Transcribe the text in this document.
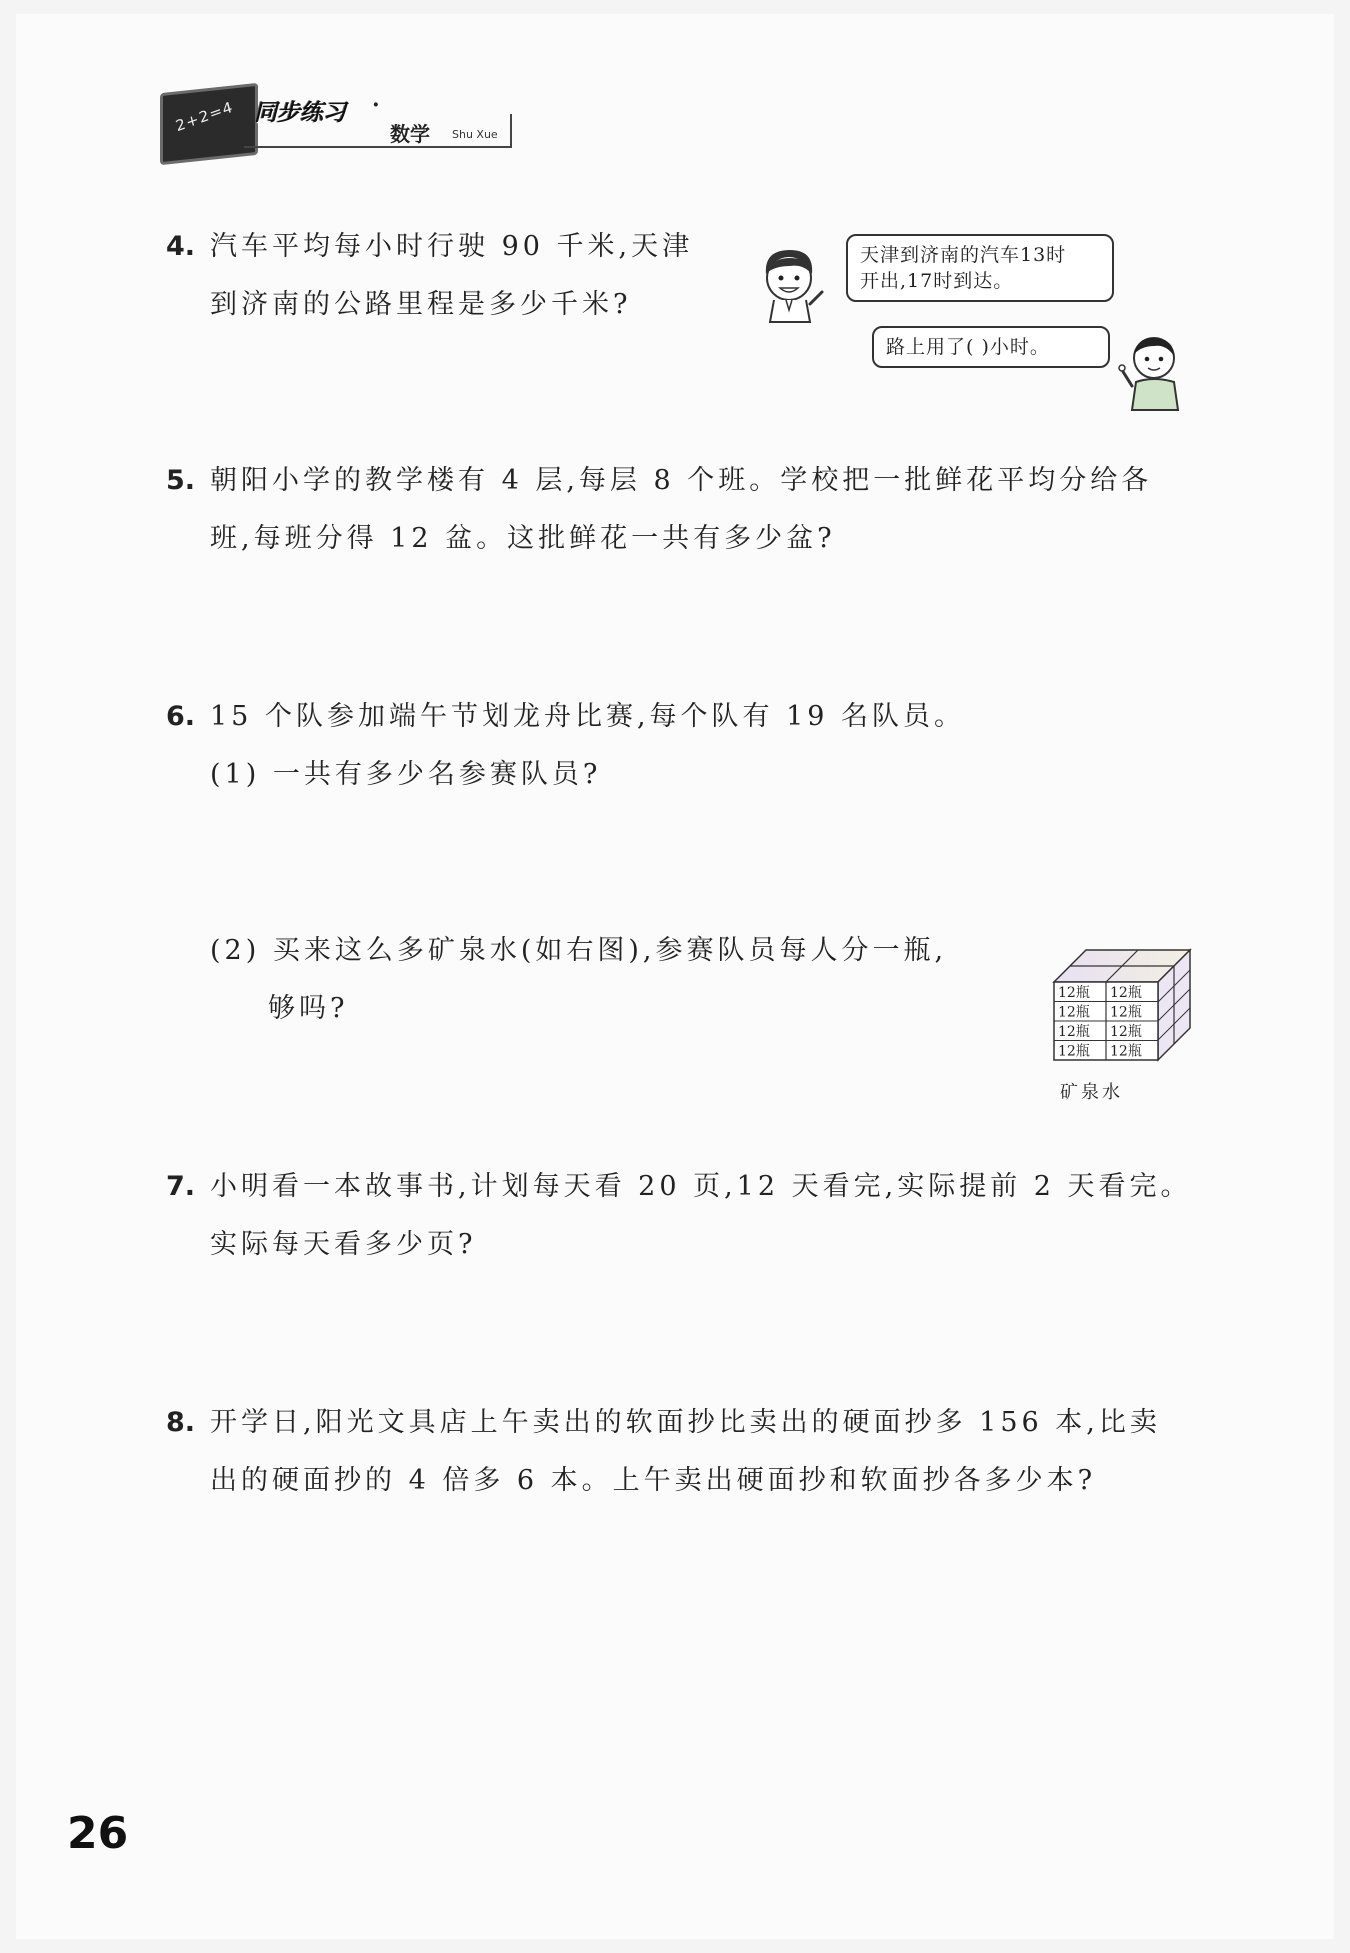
2+2=4 同步练习 ·
数学 Shu Xue
4. 汽车平均每小时行驶 90 千米,天津

到济南的公路里程是多少千米?

天津到济南的汽车13时
开出,17时到达。
路上用了( )小时。
5. 朝阳小学的教学楼有 4 层,每层 8 个班。学校把一批鲜花平均分给各

班,每班分得 12 盆。这批鲜花一共有多少盆?

6. 15 个队参加端午节划龙舟比赛,每个队有 19 名队员。

(1) 一共有多少名参赛队员?

(2) 买来这么多矿泉水(如右图),参赛队员每人分一瓶,

够吗?	12瓶 12瓶
12瓶 12瓶
12瓶 12瓶
12瓶 12瓶
矿泉水
7. 小明看一本故事书,计划每天看 20 页,12 天看完,实际提前 2 天看完。

实际每天看多少页?

8. 开学日,阳光文具店上午卖出的软面抄比卖出的硬面抄多 156 本,比卖

出的硬面抄的 4 倍多 6 本。上午卖出硬面抄和软面抄各多少本?

26
